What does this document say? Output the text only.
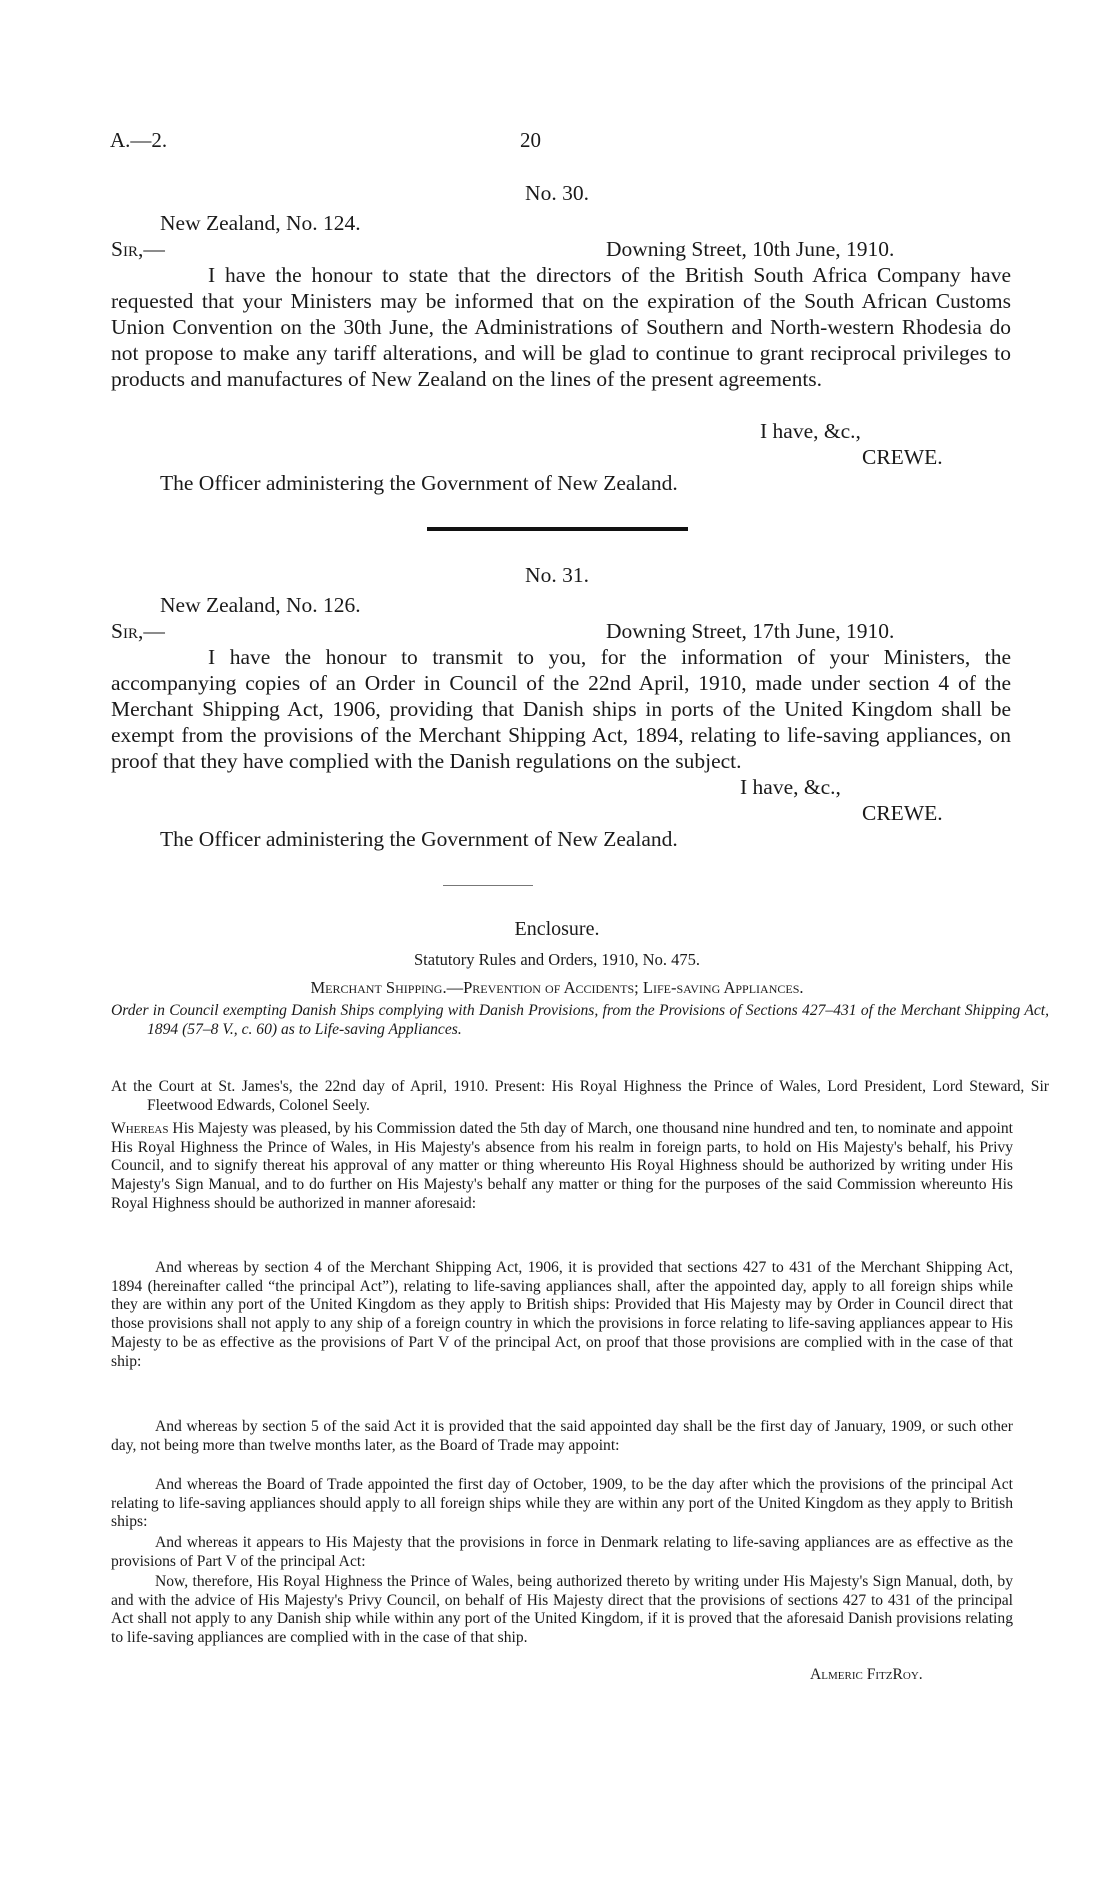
A.—2.	20
No. 30.
New Zealand, No. 124.
Sir,—	Downing Street, 10th June, 1910.
I have the honour to state that the directors of the British South Africa Company have requested that your Ministers may be informed that on the expiration of the South African Customs Union Convention on the 30th June, the Administrations of Southern and North-western Rhodesia do not propose to make any tariff alterations, and will be glad to continue to grant reciprocal privileges to products and manufactures of New Zealand on the lines of the present agreements.
I have, &c.,
CREWE.
The Officer administering the Government of New Zealand.
No. 31.
New Zealand, No. 126.
Sir,—	Downing Street, 17th June, 1910.
I have the honour to transmit to you, for the information of your Ministers, the accompanying copies of an Order in Council of the 22nd April, 1910, made under section 4 of the Merchant Shipping Act, 1906, providing that Danish ships in ports of the United Kingdom shall be exempt from the provisions of the Merchant Shipping Act, 1894, relating to life-saving appliances, on proof that they have complied with the Danish regulations on the subject.
I have, &c.,
CREWE.
The Officer administering the Government of New Zealand.
Enclosure.
Statutory Rules and Orders, 1910, No. 475.
Merchant Shipping.—Prevention of Accidents; Life-saving Appliances.
Order in Council exempting Danish Ships complying with Danish Provisions, from the Provisions of Sections 427–431 of the Merchant Shipping Act, 1894 (57–8 V., c. 60) as to Life-saving Appliances.
At the Court at St. James's, the 22nd day of April, 1910. Present: His Royal Highness the Prince of Wales, Lord President, Lord Steward, Sir Fleetwood Edwards, Colonel Seely.
Whereas His Majesty was pleased, by his Commission dated the 5th day of March, one thousand nine hundred and ten, to nominate and appoint His Royal Highness the Prince of Wales, in His Majesty's absence from his realm in foreign parts, to hold on His Majesty's behalf, his Privy Council, and to signify thereat his approval of any matter or thing whereunto His Royal Highness should be authorized by writing under His Majesty's Sign Manual, and to do further on His Majesty's behalf any matter or thing for the purposes of the said Commission whereunto His Royal Highness should be authorized in manner aforesaid:
And whereas by section 4 of the Merchant Shipping Act, 1906, it is provided that sections 427 to 431 of the Merchant Shipping Act, 1894 (hereinafter called “the principal Act”), relating to life-saving appliances shall, after the appointed day, apply to all foreign ships while they are within any port of the United Kingdom as they apply to British ships: Provided that His Majesty may by Order in Council direct that those provisions shall not apply to any ship of a foreign country in which the provisions in force relating to life-saving appliances appear to His Majesty to be as effective as the provisions of Part V of the principal Act, on proof that those provisions are complied with in the case of that ship:
And whereas by section 5 of the said Act it is provided that the said appointed day shall be the first day of January, 1909, or such other day, not being more than twelve months later, as the Board of Trade may appoint:
And whereas the Board of Trade appointed the first day of October, 1909, to be the day after which the provisions of the principal Act relating to life-saving appliances should apply to all foreign ships while they are within any port of the United Kingdom as they apply to British ships:
And whereas it appears to His Majesty that the provisions in force in Denmark relating to life-saving appliances are as effective as the provisions of Part V of the principal Act:
Now, therefore, His Royal Highness the Prince of Wales, being authorized thereto by writing under His Majesty's Sign Manual, doth, by and with the advice of His Majesty's Privy Council, on behalf of His Majesty direct that the provisions of sections 427 to 431 of the principal Act shall not apply to any Danish ship while within any port of the United Kingdom, if it is proved that the aforesaid Danish provisions relating to life-saving appliances are complied with in the case of that ship.
Almeric FitzRoy.
